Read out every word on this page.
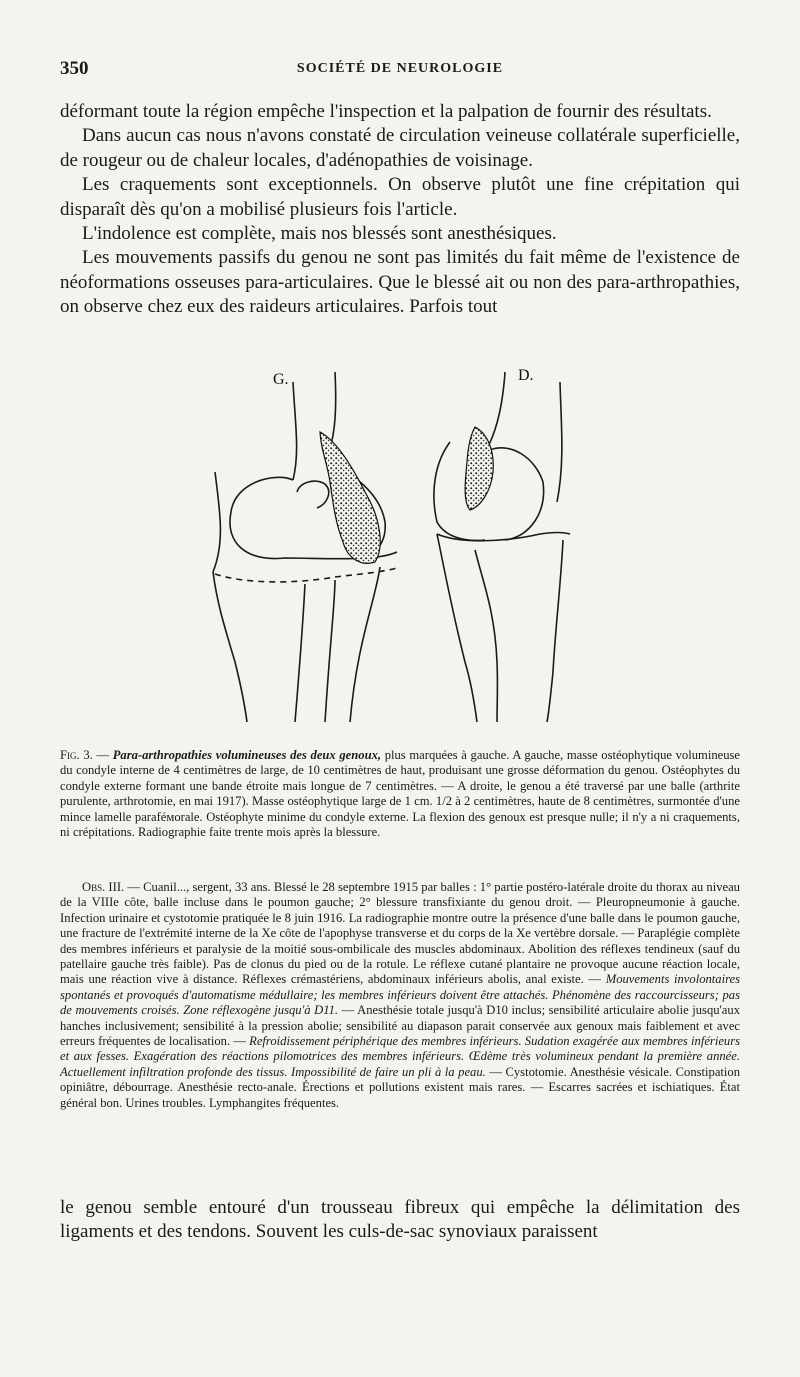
350	SOCIÉTÉ DE NEUROLOGIE

déformant toute la région empêche l'inspection et la palpation de fournir des résultats.

Dans aucun cas nous n'avons constaté de circulation veineuse collatérale superficielle, de rougeur ou de chaleur locales, d'adénopathies de voisinage.

Les craquements sont exceptionnels. On observe plutôt une fine crépitation qui disparaît dès qu'on a mobilisé plusieurs fois l'article.

L'indolence est complète, mais nos blessés sont anesthésiques.

Les mouvements passifs du genou ne sont pas limités du fait même de l'existence de néoformations osseuses para-articulaires. Que le blessé ait ou non des para-arthropathies, on observe chez eux des raideurs articulaires. Parfois tout

G.	D.

Fig. 3. — Para-arthropathies volumineuses des deux genoux, plus marquées à gauche. A gauche, masse ostéophytique volumineuse du condyle interne de 4 centimètres de large, de 10 centimètres de haut, produisant une grosse déformation du genou. Ostéophytes du condyle externe formant une bande étroite mais longue de 7 centimètres. — A droite, le genou a été traversé par une balle (arthrite purulente, arthrotomie, en mai 1917). Masse ostéophytique large de 1 cm. 1/2 à 2 centimètres, haute de 8 centimètres, surmontée d'une mince lamelle paraféмorale. Ostéophyte minime du condyle externe. La flexion des genoux est presque nulle; il n'y a ni craquements, ni crépitations. Radiographie faite trente mois après la blessure.

Obs. III. — Cuanil..., sergent, 33 ans. Blessé le 28 septembre 1915 par balles : 1° partie postéro-latérale droite du thorax au niveau de la VIIIe côte, balle incluse dans le poumon gauche; 2° blessure transfixiante du genou droit. — Pleuropneumonie à gauche. Infection urinaire et cystotomie pratiquée le 8 juin 1916. La radiographie montre outre la présence d'une balle dans le poumon gauche, une fracture de l'extrémité interne de la Xe côte de l'apophyse transverse et du corps de la Xe vertèbre dorsale. — Paraplégie complète des membres inférieurs et paralysie de la moitié sous-ombilicale des muscles abdominaux. Abolition des réflexes tendineux (sauf du patellaire gauche très faible). Pas de clonus du pied ou de la rotule. Le réflexe cutané plantaire ne provoque aucune réaction locale, mais une réaction vive à distance. Réflexes crémastériens, abdominaux inférieurs abolis, anal existe. — Mouvements involontaires spontanés et provoqués d'automatisme médullaire; les membres inférieurs doivent être attachés. Phénomène des raccourcisseurs; pas de mouvements croisés. Zone réflexogène jusqu'à D11. — Anesthésie totale jusqu'à D10 inclus; sensibilité articulaire abolie jusqu'aux hanches inclusivement; sensibilité à la pression abolie; sensibilité au diapason parait conservée aux genoux mais faiblement et avec erreurs fréquentes de localisation. — Refroidissement périphérique des membres inférieurs. Sudation exagérée aux membres inférieurs et aux fesses. Exagération des réactions pilomotrices des membres inférieurs. Œdème très volumineux pendant la première année. Actuellement infiltration profonde des tissus. Impossibilité de faire un pli à la peau. — Cystotomie. Anesthésie vésicale. Constipation opiniâtre, débourrage. Anesthésie recto-anale. Érections et pollutions existent mais rares. — Escarres sacrées et ischiatiques. État général bon. Urines troubles. Lymphangites fréquentes.

le genou semble entouré d'un trousseau fibreux qui empêche la délimitation des ligaments et des tendons. Souvent les culs-de-sac synoviaux paraissent
